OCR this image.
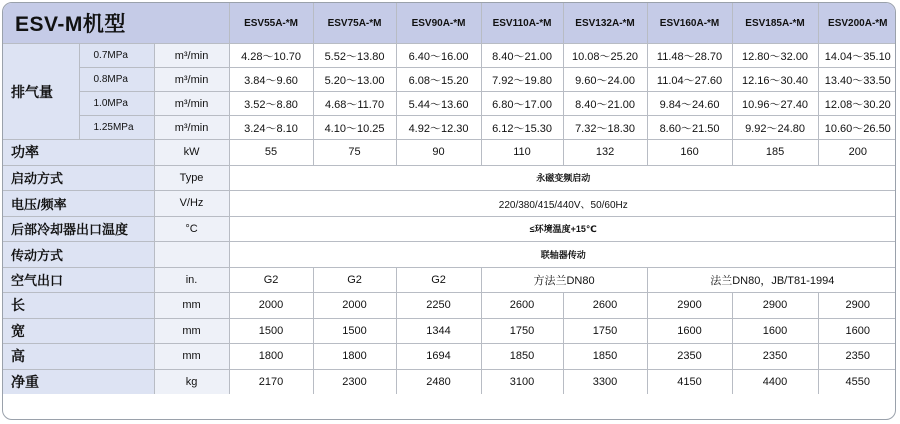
ESV-M机型			ESV55A-*M	ESV75A-*M	ESV90A-*M	ESV110A-*M	ESV132A-*M	ESV160A-*M	ESV185A-*M	ESV200A-*M
排气量	0.7MPa	m³/min	4.28～10.70	5.52～13.80	6.40～16.00	8.40～21.00	10.08～25.20	11.48～28.70	12.80～32.00	14.04～35.10
	0.8MPa	m³/min	3.84～9.60	5.20～13.00	6.08～15.20	7.92～19.80	9.60～24.00	11.04～27.60	12.16～30.40	13.40～33.50
	1.0MPa	m³/min	3.52～8.80	4.68～11.70	5.44～13.60	6.80～17.00	8.40～21.00	9.84～24.60	10.96～27.40	12.08～30.20
	1.25MPa	m³/min	3.24～8.10	4.10～10.25	4.92～12.30	6.12～15.30	7.32～18.30	8.60～21.50	9.92～24.80	10.60～26.50
功率		kW	55	75	90	110	132	160	185	200
启动方式		Type	永磁变频启动							
电压/频率		V/Hz	220/380/415/440V、50/60Hz							
后部冷却器出口温度		°C	≤环境温度+15℃							
传动方式			联轴器传动							
空气出口		in.	G2	G2	G2	方法兰DN80		法兰DN80，JB/T81-1994		
长		mm	2000	2000	2250	2600	2600	2900	2900	2900
宽		mm	1500	1500	1344	1750	1750	1600	1600	1600
高		mm	1800	1800	1694	1850	1850	2350	2350	2350
净重		kg	2170	2300	2480	3100	3300	4150	4400	4550
